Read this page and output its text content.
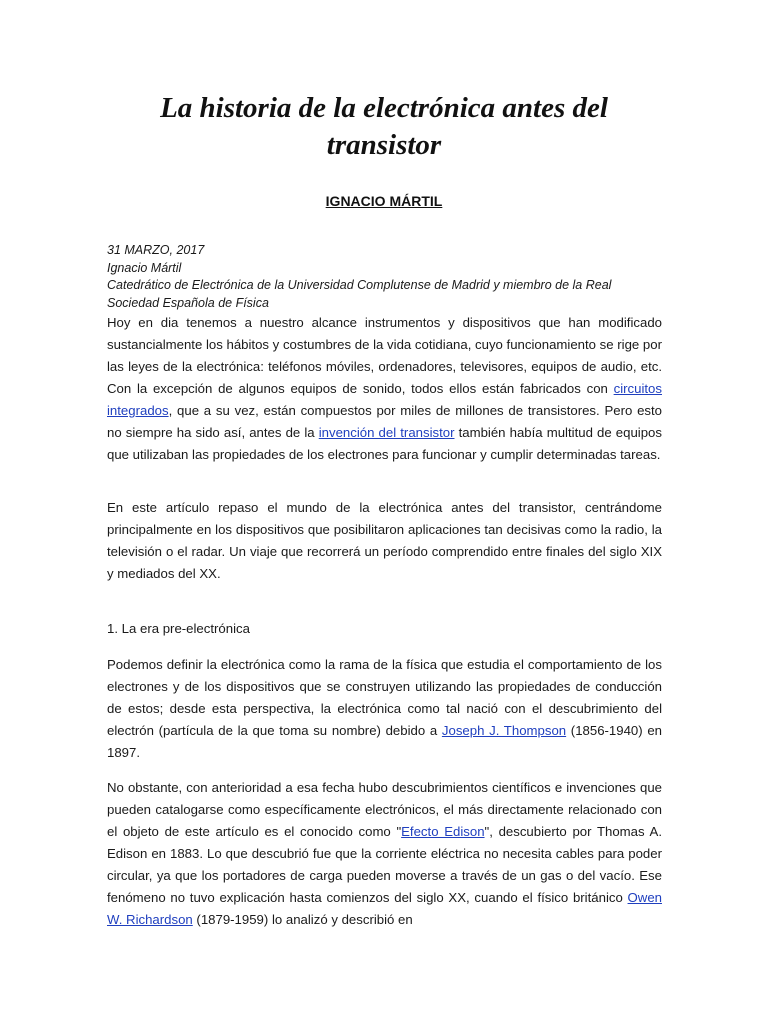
La historia de la electrónica antes del transistor
IGNACIO MÁRTIL
31 MARZO, 2017
Ignacio Mártil
Catedrático de Electrónica de la Universidad Complutense de Madrid y miembro de la Real
Sociedad Española de Física

Hoy en dia tenemos a nuestro alcance instrumentos y dispositivos que han modificado sustancialmente los hábitos y costumbres de la vida cotidiana, cuyo funcionamiento se rige por las leyes de la electrónica: teléfonos móviles, ordenadores, televisores, equipos de audio, etc. Con la excepción de algunos equipos de sonido, todos ellos están fabricados con circuitos integrados, que a su vez, están compuestos por miles de millones de transistores. Pero esto no siempre ha sido así, antes de la invención del transistor también había multitud de equipos que utilizaban las propiedades de los electrones para funcionar y cumplir determinadas tareas.

En este artículo repaso el mundo de la electrónica antes del transistor, centrándome principalmente en los dispositivos que posibilitaron aplicaciones tan decisivas como la radio, la televisión o el radar. Un viaje que recorrerá un período comprendido entre finales del siglo XIX y mediados del XX.

1. La era pre-electrónica

Podemos definir la electrónica como la rama de la física que estudia el comportamiento de los electrones y de los dispositivos que se construyen utilizando las propiedades de conducción de estos; desde esta perspectiva, la electrónica como tal nació con el descubrimiento del electrón (partícula de la que toma su nombre) debido a Joseph J. Thompson (1856-1940) en 1897.

No obstante, con anterioridad a esa fecha hubo descubrimientos científicos e invenciones que pueden catalogarse como específicamente electrónicos, el más directamente relacionado con el objeto de este artículo es el conocido como "Efecto Edison", descubierto por Thomas A. Edison en 1883. Lo que descubrió fue que la corriente eléctrica no necesita cables para poder circular, ya que los portadores de carga pueden moverse a través de un gas o del vacío. Ese fenómeno no tuvo explicación hasta comienzos del siglo XX, cuando el físico británico Owen W. Richardson (1879-1959) lo analizó y describió en
